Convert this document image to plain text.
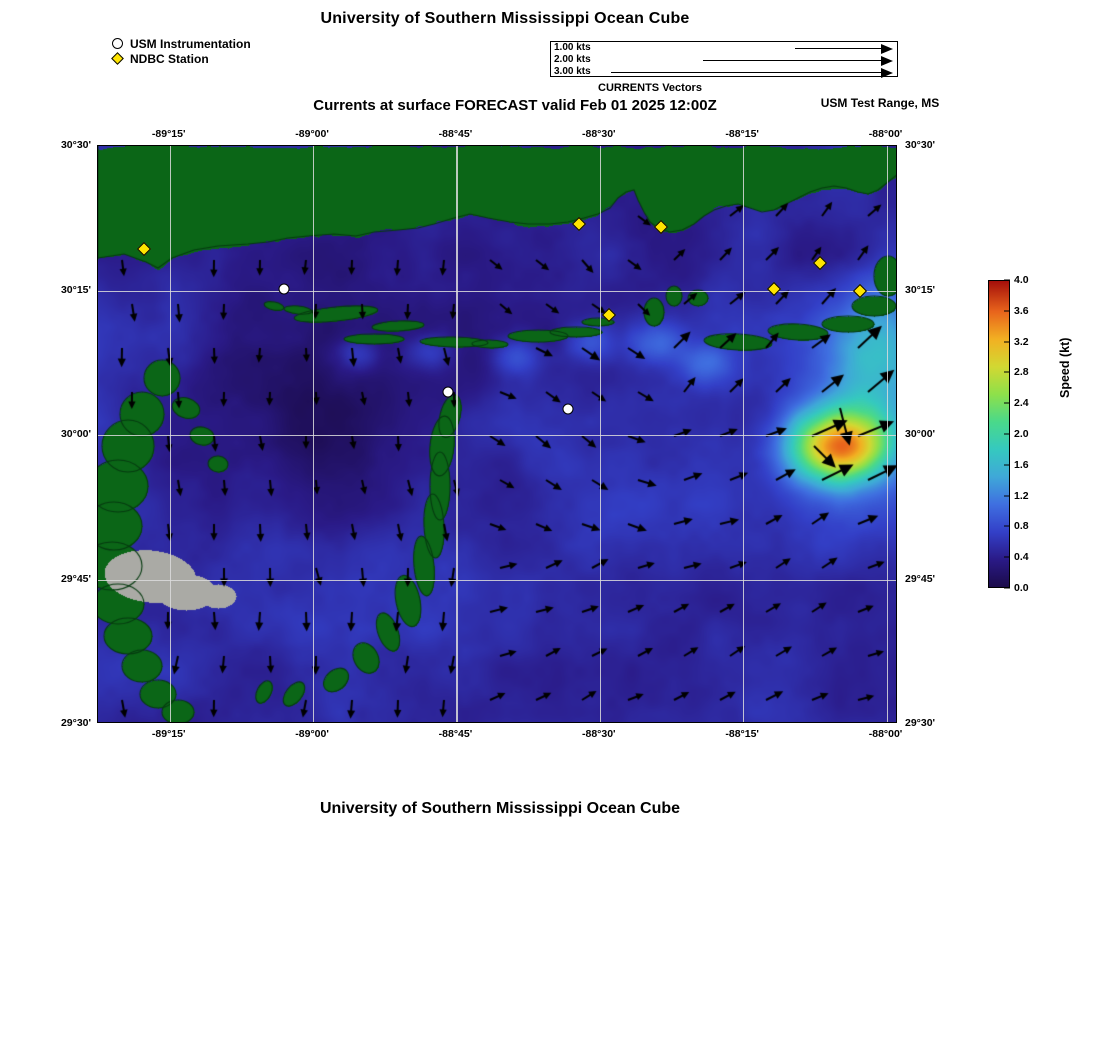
University of Southern Mississippi Ocean Cube
USM Instrumentation
NDBC Station
1.00 kts
2.00 kts
3.00 kts
CURRENTS Vectors
Currents at surface FORECAST valid Feb 01 2025 12:00Z	USM Test Range, MS
-89°15'
-89°15'
-89°00'
-89°00'
-88°45'
-88°45'
-88°30'
-88°30'
-88°15'
-88°15'
-88°00'
-88°00'
30°30'	30°30'
30°15'	30°15'
30°00'	30°00'
29°45'	29°45'
29°30'	29°30'
4.0
3.6
3.2
2.8
2.4
2.0
1.6
1.2
0.8
0.4
0.0
Speed (kt)
University of Southern Mississippi Ocean Cube
